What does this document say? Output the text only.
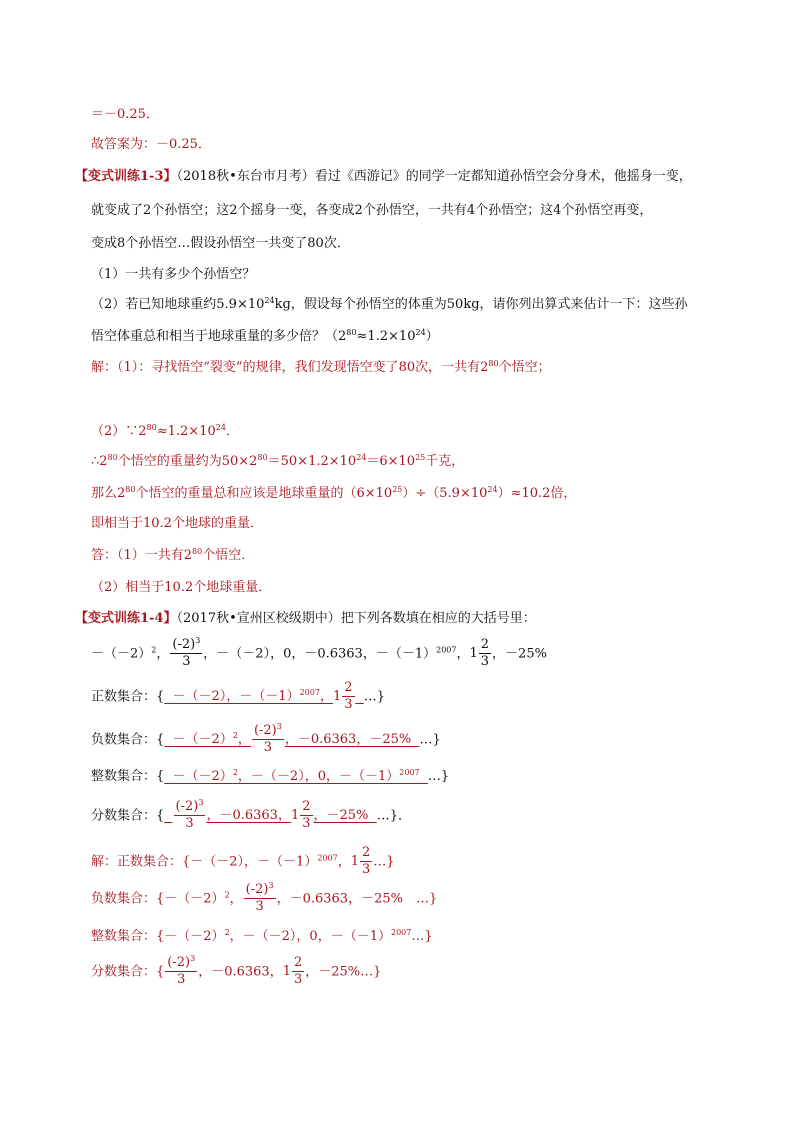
＝－0.25．
故答案为：－0.25．
【变式训练1-3】（2018秋•东台市月考）看过《西游记》的同学一定都知道孙悟空会分身术，他摇身一变，
就变成了2个孙悟空；这2个摇身一变，各变成2个孙悟空，一共有4个孙悟空；这4个孙悟空再变，
变成8个孙悟空…假设孙悟空一共变了80次．
（1）一共有多少个孙悟空？
（2）若已知地球重约$5.9\times 10^{24}kg$，假设每个孙悟空的体重为50kg，请你列出算式来估计一下：这些孙
悟空体重总和相当于地球重量的多少倍？$(2^{80}\approx 1.2\times 10^{24})$
解：（1）：寻找悟空“裂变”的规律，我们发现悟空变了80次，一共有$2^{80}$个悟空；
$(2)\because 2^{80}\approx 1.2\times 10^{24}$．
$\therefore 2^{80}$个悟空的重量约为$50\times 2^{80}=50\times 1.2\times 10^{24}=6\times 10^{25}$千克，
那么$2^{80}$个悟空的重量总和应该是地球重量的$(6\times 10^{25})\div(5.9\times 10^{24})\approx 10.2$倍，
即相当于10.2个地球的重量．
答：（1）一共有$2^{80}$个悟空．
（2）相当于10.2个地球重量．
【变式训练1-4】（2017秋•宣州区校级期中）把下列各数填在相应的大括号里：
$-(-2)^2$， $\frac{(-2)^3}{3}$ ，－（－2），0，－0.6363，$-(-1)^{2007}$，$1 \frac{2}{3}$ ，－25%
正数集合：{ －（－2），$-(-1)^{2007}$，$1 \frac{2}{3}$ …}
负数集合：{ $-(-2)^2$， $\frac{(-2)^3}{3}$ ，－0.6363，－25% …}
整数集合：{ $-(-2)^2$，－（－2），0，$-(-1)^{2007}$ …}
分数集合：{ $\frac{(-2)^3}{3}$ ，－0.6363，$1 \frac{2}{3}$ ，－25% …}．
解：正数集合：{－（－2），$-(-1)^{2007}$，$1 \frac{2}{3}$ …}
负数集合：{$-(-2)^2$， $\frac{(-2)^3}{3}$ ，－0.6363，－25%　…}
整数集合：{$-(-2)^2$，－（－2），0，$-(-1)^{2007}\dots$}
分数集合：{ $\frac{(-2)^3}{3}$ ，－0.6363，$1 \frac{2}{3}$ ，－25%…}
